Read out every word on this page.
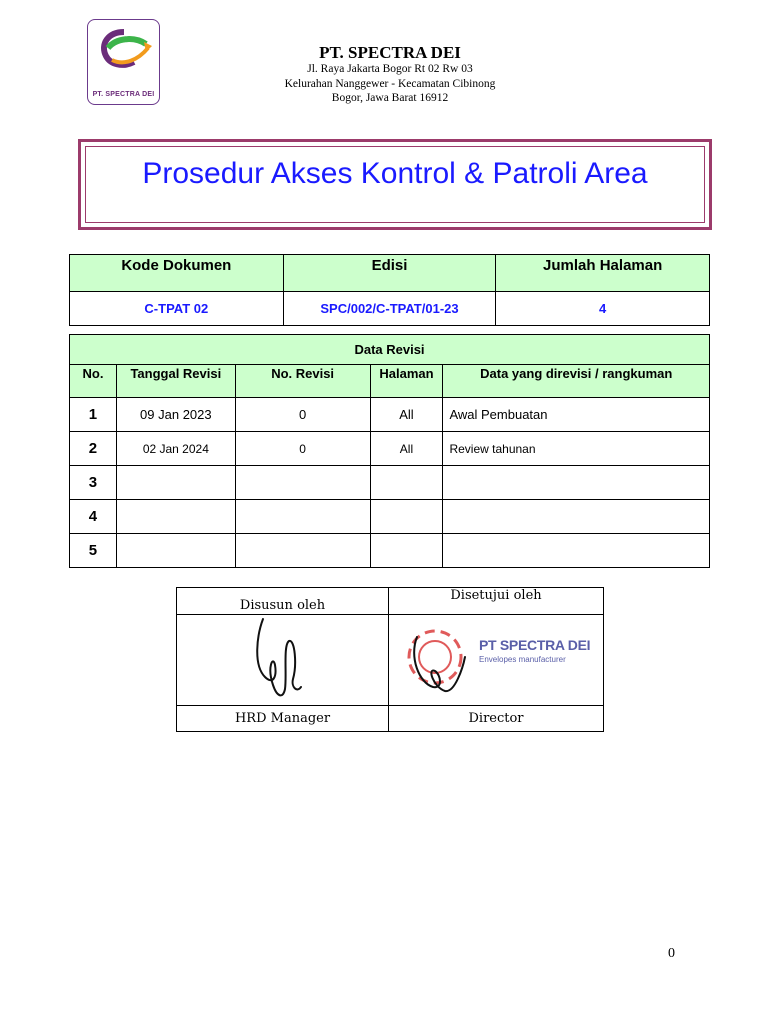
PT. SPECTRA DEI
PT. SPECTRA DEI
Jl. Raya Jakarta Bogor Rt 02 Rw 03
Kelurahan Nanggewer - Kecamatan Cibinong
Bogor, Jawa Barat 16912
Prosedur Akses Kontrol & Patroli Area
Kode Dokumen	Edisi	Jumlah Halaman
C-TPAT 02	SPC/002/C-TPAT/01-23	4
Data Revisi				
No.	Tanggal Revisi	No. Revisi	Halaman	Data yang direvisi / rangkuman
1	09 Jan 2023	0	All	Awal Pembuatan
2	02 Jan 2024	0	All	Review tahunan
3				
4				
5				
Disusun oleh	Disetujui oleh

PT SPECTRA DEI
Envelopes manufacturer

HRD Manager	Director
0
